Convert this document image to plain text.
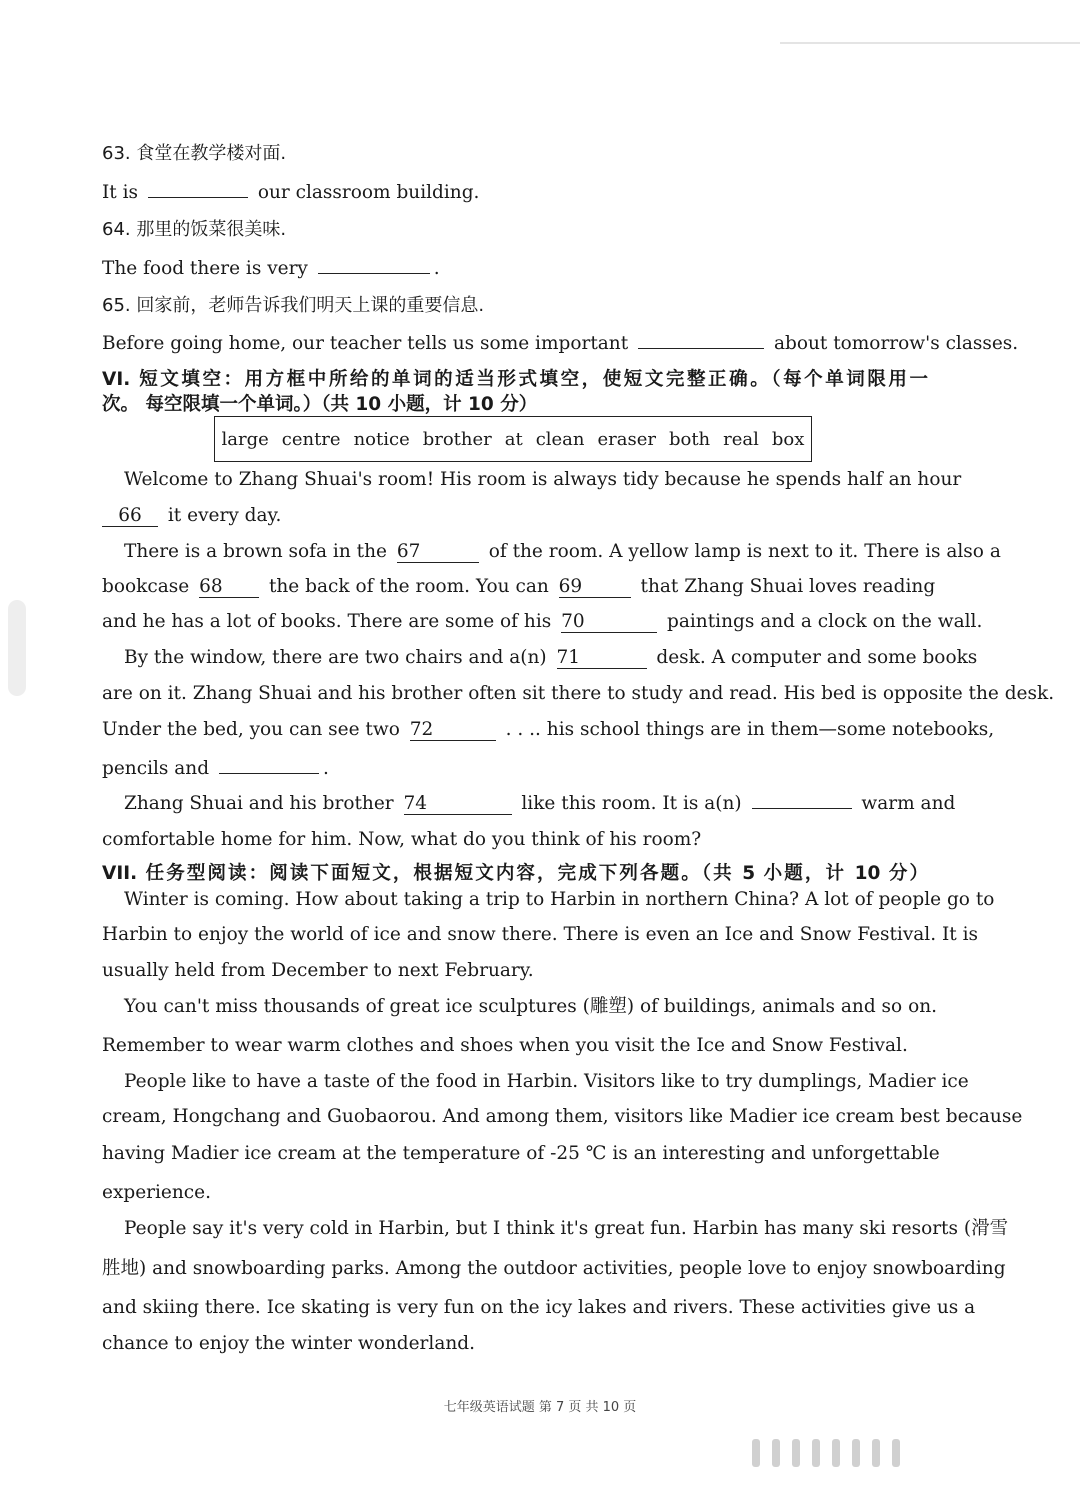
63. 食堂在教学楼对面.
It is	our classroom building.
64. 那里的饭菜很美味.
The food there is very	.
65. 回家前，老师告诉我们明天上课的重要信息.
Before going home, our teacher tells us some important	about tomorrow's classes.
VI. 短文填空：用方框中所给的单词的适当形式填空，使短文完整正确。（每个单词限用一
次。 每空限填一个单词。）（共 10 小题，计 10 分）
large centre notice brother at clean eraser both real box
Welcome to Zhang Shuai's room! His room is always tidy because he spends half an hour
66 it every day.
There is a brown sofa in the 67	of the room. A yellow lamp is next to it. There is also a
bookcase 68	the back of the room. You can 69	that Zhang Shuai loves reading
and he has a lot of books. There are some of his 70	paintings and a clock on the wall.
By the window, there are two chairs and a(n) 71	desk. A computer and some books
are on it. Zhang Shuai and his brother often sit there to study and read. His bed is opposite the desk.
Under the bed, you can see two 72	. . .. his school things are in them—some notebooks,
pencils and	.
Zhang Shuai and his brother 74	like this room. It is a(n)	warm and
comfortable home for him. Now, what do you think of his room?
VII. 任务型阅读：阅读下面短文，根据短文内容，完成下列各题。（共 5 小题，计 10 分）
Winter is coming. How about taking a trip to Harbin in northern China? A lot of people go to
Harbin to enjoy the world of ice and snow there. There is even an Ice and Snow Festival. It is
usually held from December to next February.
You can't miss thousands of great ice sculptures (雕塑) of buildings, animals and so on.
Remember to wear warm clothes and shoes when you visit the Ice and Snow Festival.
People like to have a taste of the food in Harbin. Visitors like to try dumplings, Madier ice
cream, Hongchang and Guobaorou. And among them, visitors like Madier ice cream best because
having Madier ice cream at the temperature of -25 ℃ is an interesting and unforgettable
experience.
People say it's very cold in Harbin, but I think it's great fun. Harbin has many ski resorts (滑雪
胜地) and snowboarding parks. Among the outdoor activities, people love to enjoy snowboarding
and skiing there. Ice skating is very fun on the icy lakes and rivers. These activities give us a
chance to enjoy the winter wonderland.
七年级英语试题 第 7 页 共 10 页
